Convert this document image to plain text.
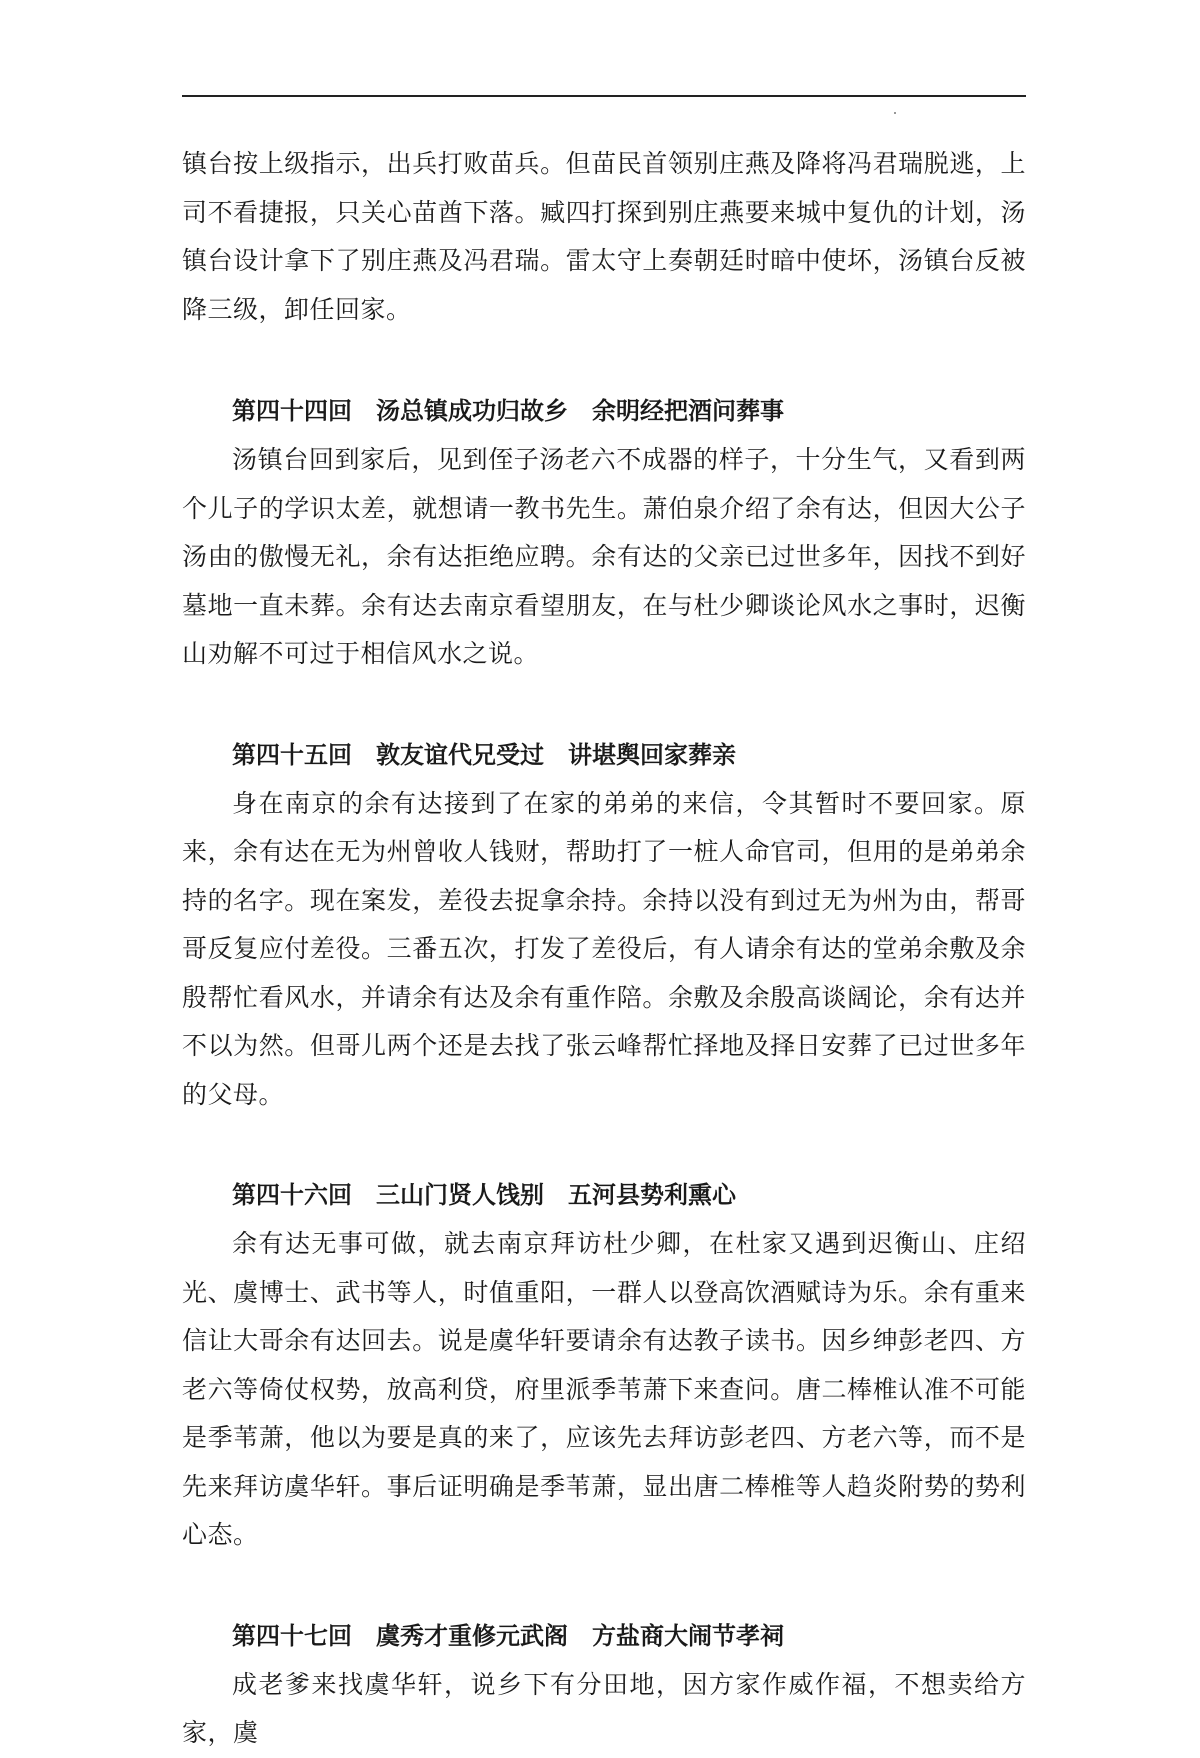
镇台按上级指示，出兵打败苗兵。但苗民首领别庄燕及降将冯君瑞脱逃，上司不看捷报，只关心苗酋下落。臧四打探到别庄燕要来城中复仇的计划，汤镇台设计拿下了别庄燕及冯君瑞。雷太守上奏朝廷时暗中使坏，汤镇台反被降三级，卸任回家。

第四十四回　汤总镇成功归故乡　余明经把酒问葬事

汤镇台回到家后，见到侄子汤老六不成器的样子，十分生气，又看到两个儿子的学识太差，就想请一教书先生。萧伯泉介绍了余有达，但因大公子汤由的傲慢无礼，余有达拒绝应聘。余有达的父亲已过世多年，因找不到好墓地一直未葬。余有达去南京看望朋友，在与杜少卿谈论风水之事时，迟衡山劝解不可过于相信风水之说。

第四十五回　敦友谊代兄受过　讲堪舆回家葬亲

身在南京的余有达接到了在家的弟弟的来信，令其暂时不要回家。原来，余有达在无为州曾收人钱财，帮助打了一桩人命官司，但用的是弟弟余持的名字。现在案发，差役去捉拿余持。余持以没有到过无为州为由，帮哥哥反复应付差役。三番五次，打发了差役后，有人请余有达的堂弟余敷及余殷帮忙看风水，并请余有达及余有重作陪。余敷及余殷高谈阔论，余有达并不以为然。但哥儿两个还是去找了张云峰帮忙择地及择日安葬了已过世多年的父母。

第四十六回　三山门贤人饯别　五河县势利熏心

余有达无事可做，就去南京拜访杜少卿，在杜家又遇到迟衡山、庄绍光、虞博士、武书等人，时值重阳，一群人以登高饮酒赋诗为乐。余有重来信让大哥余有达回去。说是虞华轩要请余有达教子读书。因乡绅彭老四、方老六等倚仗权势，放高利贷，府里派季苇萧下来查问。唐二棒椎认准不可能是季苇萧，他以为要是真的来了，应该先去拜访彭老四、方老六等，而不是先来拜访虞华轩。事后证明确是季苇萧，显出唐二棒椎等人趋炎附势的势利心态。

第四十七回　虞秀才重修元武阁　方盐商大闹节孝祠

成老爹来找虞华轩，说乡下有分田地，因方家作威作福，不想卖给方家，虞
